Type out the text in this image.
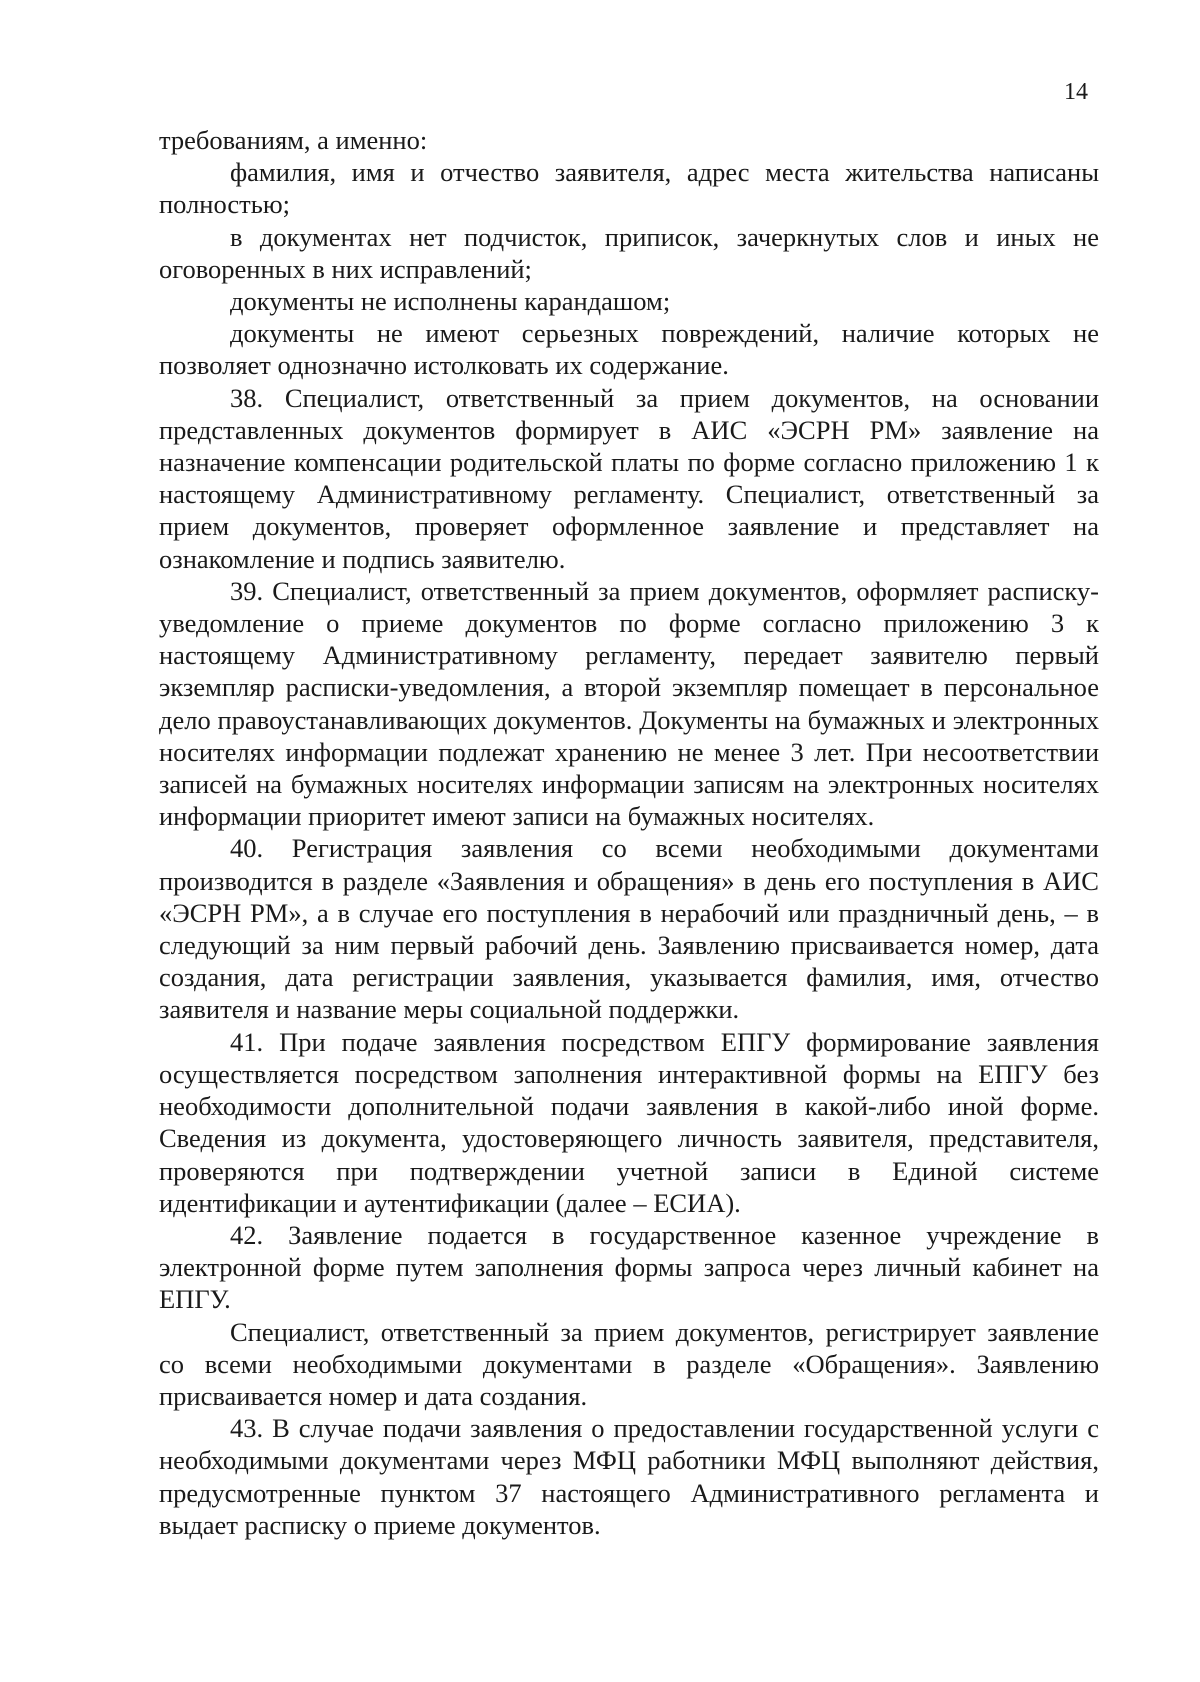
14

требованиям, а именно:

фамилия, имя и отчество заявителя, адрес места жительства написаны полностью;

в документах нет подчисток, приписок, зачеркнутых слов и иных не оговоренных в них исправлений;

документы не исполнены карандашом;

документы не имеют серьезных повреждений, наличие которых не позволяет однозначно истолковать их содержание.

38. Специалист, ответственный за прием документов, на основании представленных документов формирует в АИС «ЭСРН РМ» заявление на назначение компенсации родительской платы по форме согласно приложению 1 к настоящему Административному регламенту. Специалист, ответственный за прием документов, проверяет оформленное заявление и представляет на ознакомление и подпись заявителю.

39. Специалист, ответственный за прием документов, оформляет расписку-уведомление о приеме документов по форме согласно приложению 3 к настоящему Административному регламенту, передает заявителю первый экземпляр расписки-уведомления, а второй экземпляр помещает в персональное дело правоустанавливающих документов. Документы на бумажных и электронных носителях информации подлежат хранению не менее 3 лет. При несоответствии записей на бумажных носителях информации записям на электронных носителях информации приоритет имеют записи на бумажных носителях.

40. Регистрация заявления со всеми необходимыми документами производится в разделе «Заявления и обращения» в день его поступления в АИС «ЭСРН РМ», а в случае его поступления в нерабочий или праздничный день, – в следующий за ним первый рабочий день. Заявлению присваивается номер, дата создания, дата регистрации заявления, указывается фамилия, имя, отчество заявителя и название меры социальной поддержки.

41. При подаче заявления посредством ЕПГУ формирование заявления осуществляется посредством заполнения интерактивной формы на ЕПГУ без необходимости дополнительной подачи заявления в какой-либо иной форме. Сведения из документа, удостоверяющего личность заявителя, представителя, проверяются при подтверждении учетной записи в Единой системе идентификации и аутентификации (далее – ЕСИА).

42. Заявление подается в государственное казенное учреждение в электронной форме путем заполнения формы запроса через личный кабинет на ЕПГУ.

Специалист, ответственный за прием документов, регистрирует заявление со всеми необходимыми документами в разделе «Обращения». Заявлению присваивается номер и дата создания.

43. В случае подачи заявления о предоставлении государственной услуги с необходимыми документами через МФЦ работники МФЦ выполняют действия, предусмотренные пунктом 37 настоящего Административного регламента и выдает расписку о приеме документов.
